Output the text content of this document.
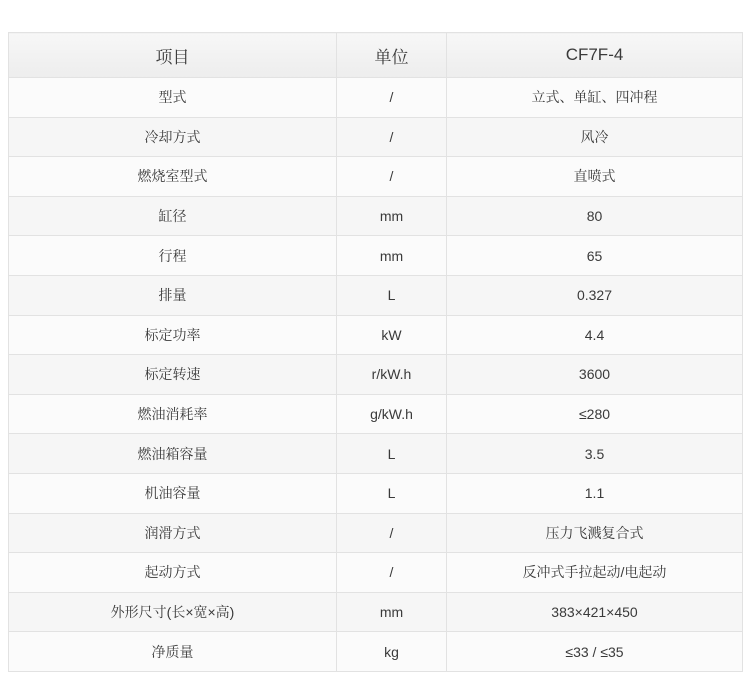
项目	单位	CF7F-4
型式	/	立式、单缸、四冲程
冷却方式	/	风冷
燃烧室型式	/	直喷式
缸径	mm	80
行程	mm	65
排量	L	0.327
标定功率	kW	4.4
标定转速	r/kW.h	3600
燃油消耗率	g/kW.h	≤280
燃油箱容量	L	3.5
机油容量	L	1.1
润滑方式	/	压力飞溅复合式
起动方式	/	反冲式手拉起动/电起动
外形尺寸(长×宽×高)	mm	383×421×450
净质量	kg	≤33 / ≤35
